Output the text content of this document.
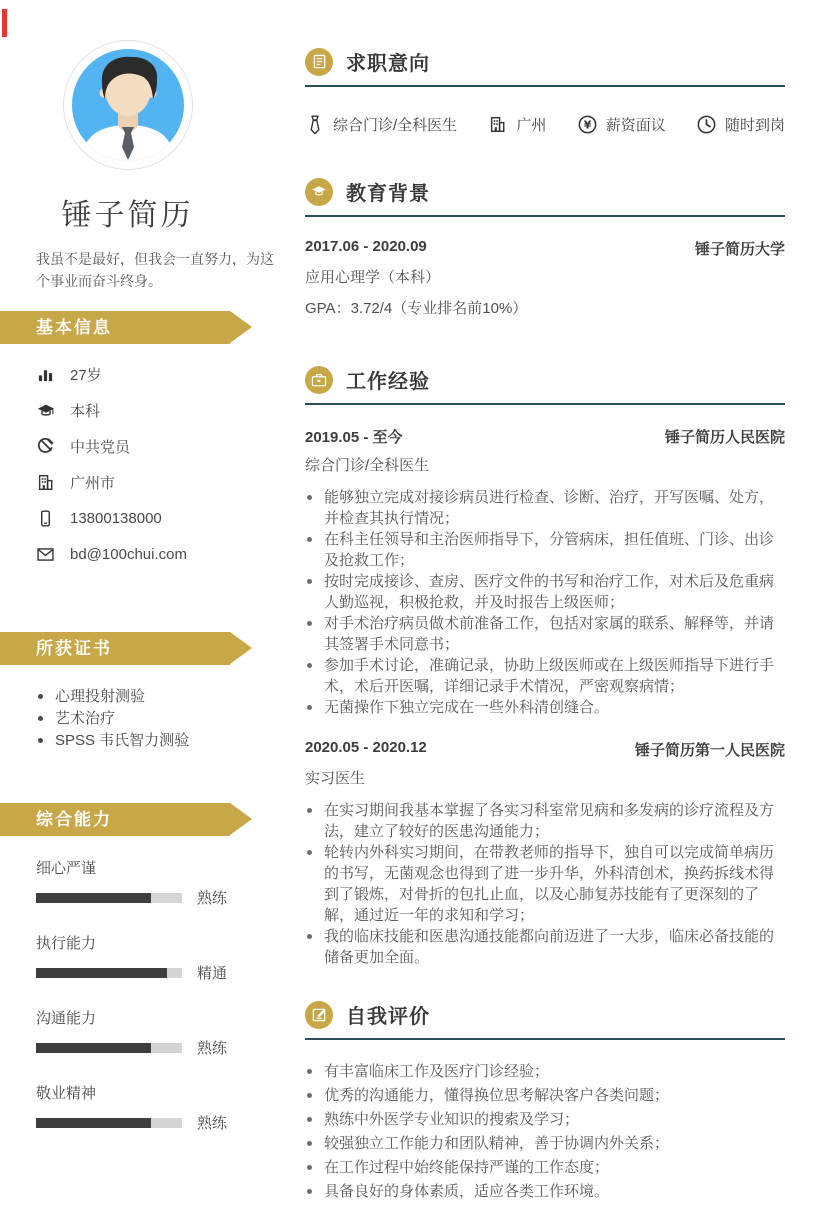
锤子简历

我虽不是最好，但我会一直努力，为这个事业而奋斗终身。

基本信息
27岁
本科
中共党员
广州市
13800138000
bd@100chui.com
所获证书
心理投射测验
艺术治疗
SPSS 韦氏智力测验
综合能力
细心严谨
熟练
执行能力
精通
沟通能力
熟练
敬业精神
熟练
求职意向
综合门诊/全科医生	广州	¥ 薪资面议	随时到岗
教育背景
2017.06 - 2020.09	锤子简历大学
应用心理学（本科）
GPA：3.72/4（专业排名前10%）
工作经验
2019.05 - 至今	锤子简历人民医院
综合门诊/全科医生
能够独立完成对接诊病员进行检查、诊断、治疗，开写医嘱、处方，并检查其执行情况；
在科主任领导和主治医师指导下，分管病床，担任值班、门诊、出诊及抢救工作；
按时完成接诊、查房、医疗文件的书写和治疗工作，对术后及危重病人勤巡视，积极抢救，并及时报告上级医师；
对手术治疗病员做术前准备工作，包括对家属的联系、解释等，并请其签署手术同意书；
参加手术讨论，准确记录，协助上级医师或在上级医师指导下进行手术，术后开医嘱，详细记录手术情况，严密观察病情；
无菌操作下独立完成在一些外科清创缝合。
2020.05 - 2020.12	锤子简历第一人民医院
实习医生
在实习期间我基本掌握了各实习科室常见病和多发病的诊疗流程及方法，建立了较好的医患沟通能力；
轮转内外科实习期间，在带教老师的指导下，独自可以完成简单病历的书写，无菌观念也得到了进一步升华，外科清创术，换药拆线术得到了锻炼，对骨折的包扎止血，以及心肺复苏技能有了更深刻的了解，通过近一年的求知和学习；
我的临床技能和医患沟通技能都向前迈进了一大步，临床必备技能的储备更加全面。
自我评价
有丰富临床工作及医疗门诊经验；
优秀的沟通能力，懂得换位思考解决客户各类问题；
熟练中外医学专业知识的搜索及学习；
较强独立工作能力和团队精神，善于协调内外关系；
在工作过程中始终能保持严谨的工作态度；
具备良好的身体素质，适应各类工作环境。
